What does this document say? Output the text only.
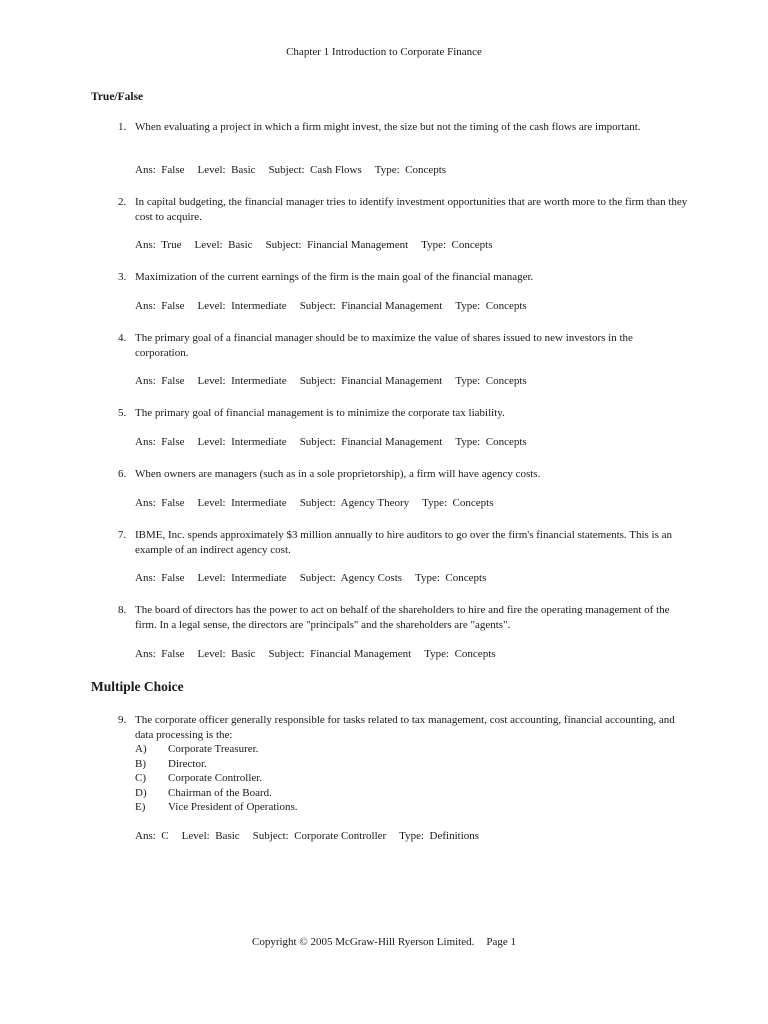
Chapter 1 Introduction to Corporate Finance
True/False
1. When evaluating a project in which a firm might invest, the size but not the timing of the cash flows are important.
Ans:  False Level:  Basic Subject:  Cash Flows Type:  Concepts
2. In capital budgeting, the financial manager tries to identify investment opportunities that are worth more to the firm than they cost to acquire.
Ans:  True Level:  Basic Subject:  Financial Management Type:  Concepts
3. Maximization of the current earnings of the firm is the main goal of the financial manager.
Ans:  False Level:  Intermediate Subject:  Financial Management Type:  Concepts
4. The primary goal of a financial manager should be to maximize the value of shares issued to new investors in the corporation.
Ans:  False Level:  Intermediate Subject:  Financial Management Type:  Concepts
5. The primary goal of financial management is to minimize the corporate tax liability.
Ans:  False Level:  Intermediate Subject:  Financial Management Type:  Concepts
6. When owners are managers (such as in a sole proprietorship), a firm will have agency costs.
Ans:  False Level:  Intermediate Subject:  Agency Theory Type:  Concepts
7. IBME, Inc. spends approximately $3 million annually to hire auditors to go over the firm's financial statements. This is an example of an indirect agency cost.
Ans:  False Level:  Intermediate Subject:  Agency Costs Type:  Concepts
8. The board of directors has the power to act on behalf of the shareholders to hire and fire the operating management of the firm. In a legal sense, the directors are "principals" and the shareholders are "agents".
Ans:  False Level:  Basic Subject:  Financial Management Type:  Concepts
Multiple Choice
9. The corporate officer generally responsible for tasks related to tax management, cost accounting, financial accounting, and data processing is the:
A)	Corporate Treasurer.
B)	Director.
C)	Corporate Controller.
D)	Chairman of the Board.
E)	Vice President of Operations.
Ans:  C Level:  Basic Subject:  Corporate Controller Type:  Definitions
Copyright © 2005 McGraw-Hill Ryerson Limited. Page 1
